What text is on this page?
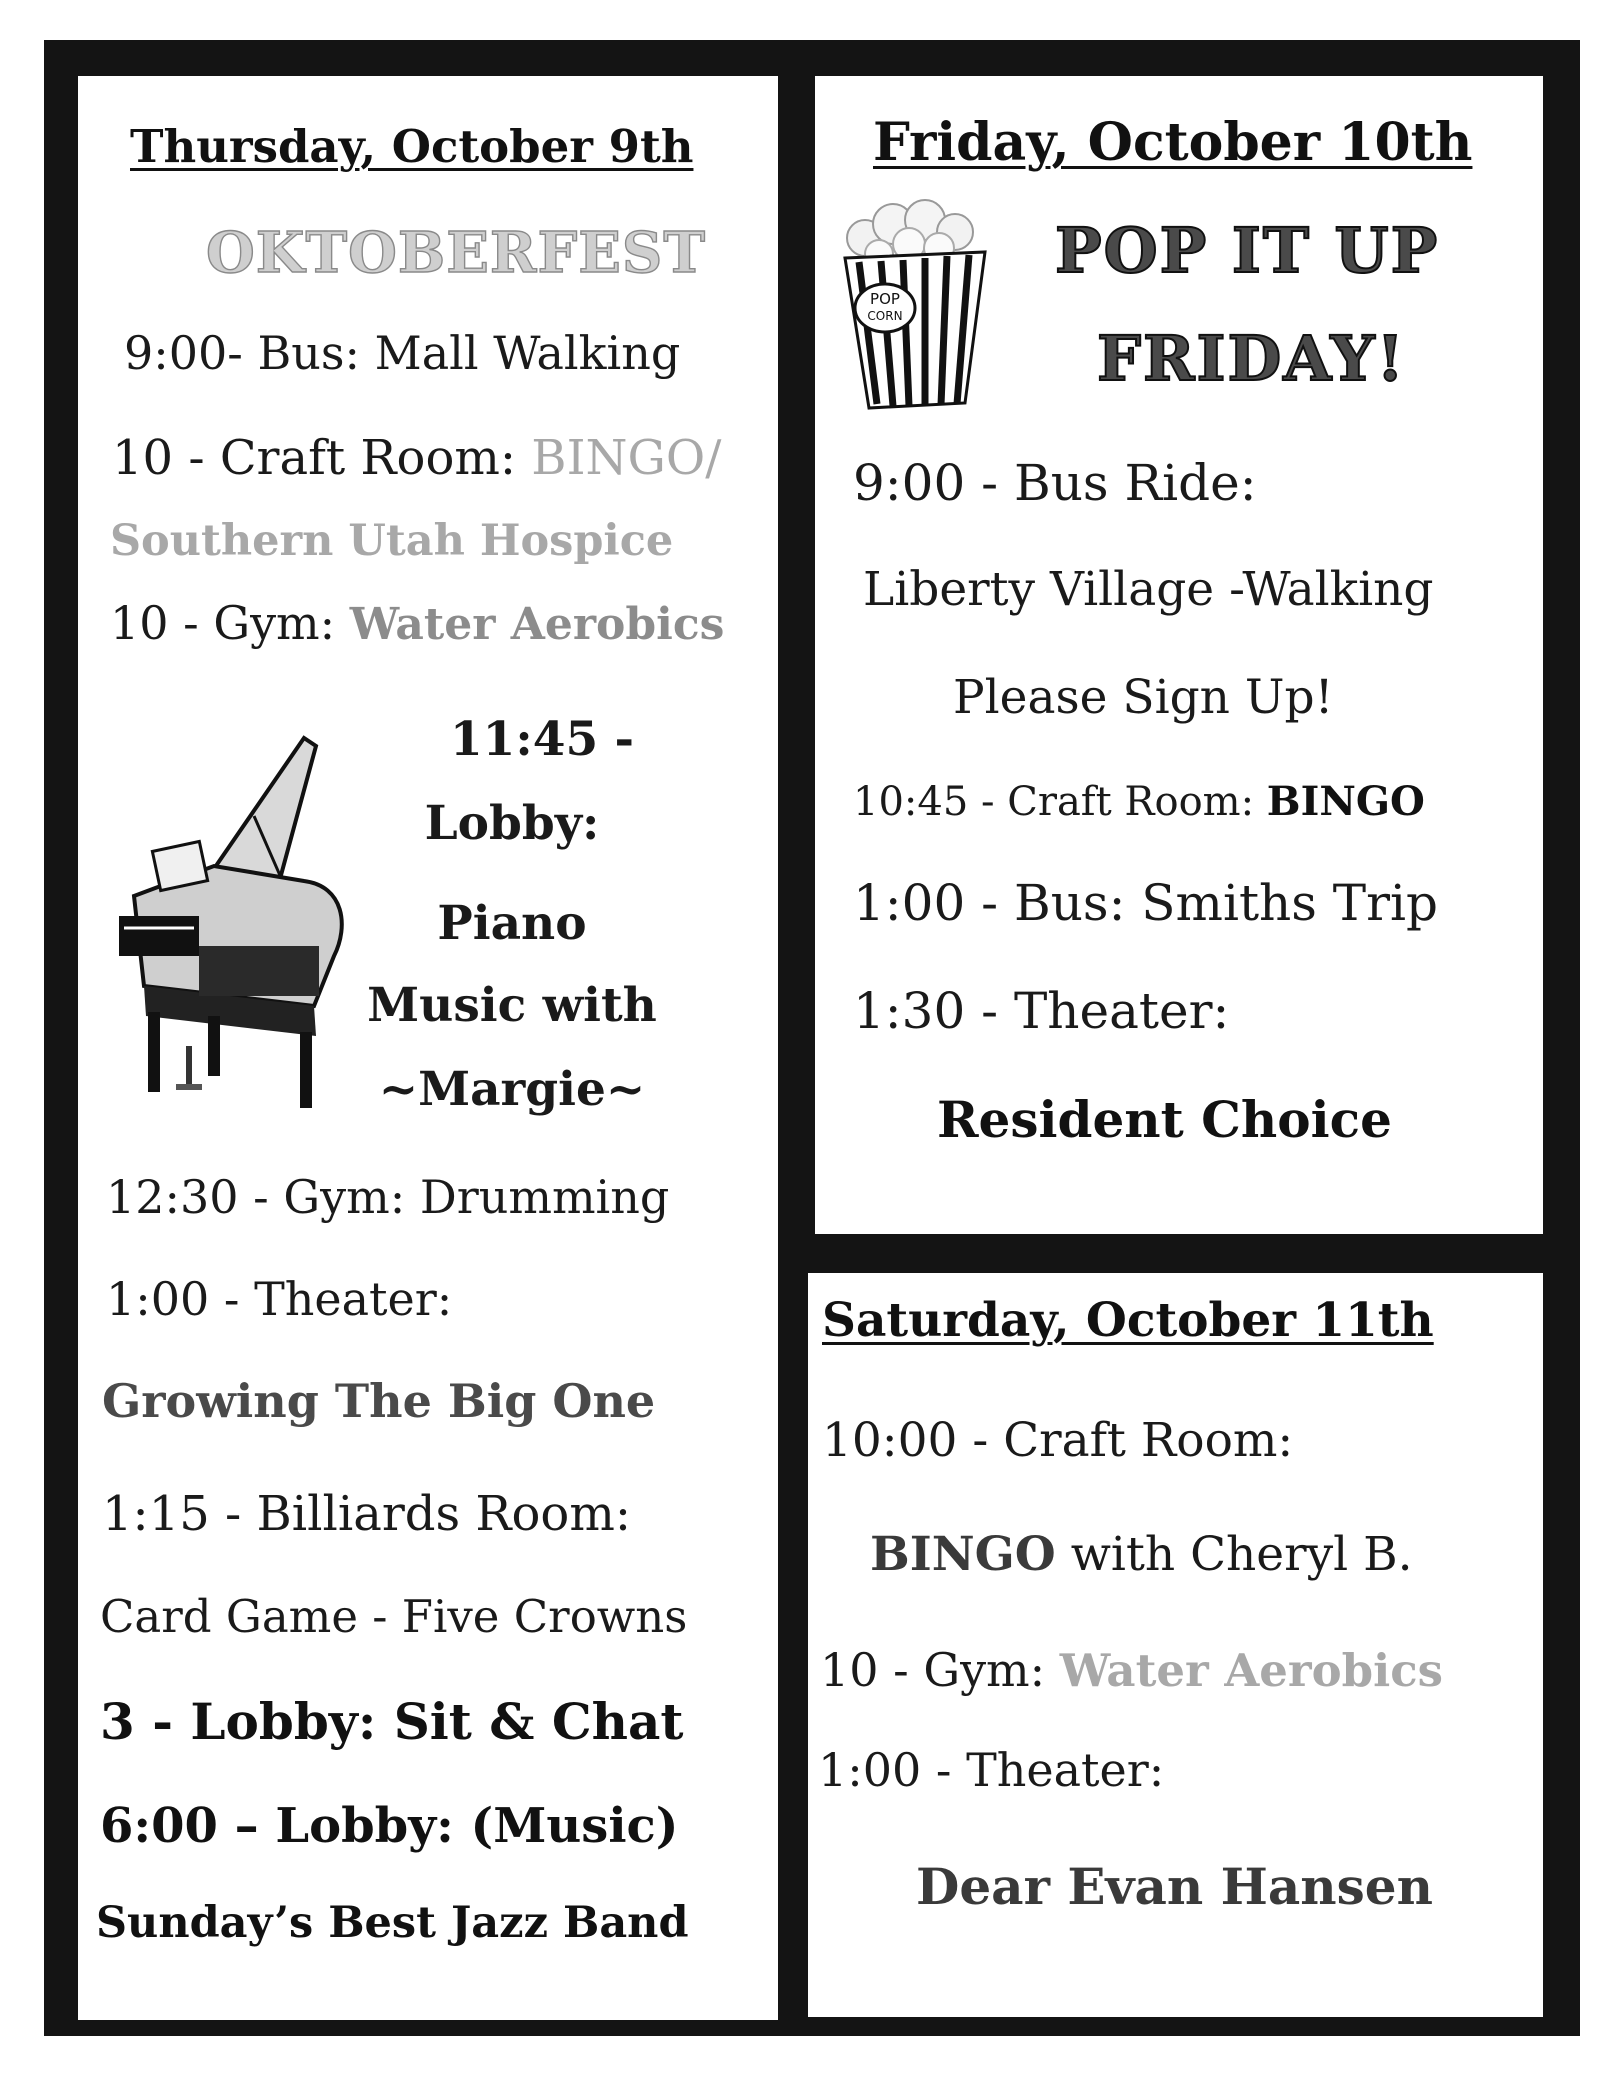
Thursday, October 9th
OKTOBERFEST
9:00- Bus: Mall Walking
10 - Craft Room: BINGO/
Southern Utah Hospice
10 - Gym: Water Aerobics
11:45 -
Lobby:
Piano
Music with
~Margie~
12:30 - Gym: Drumming
1:00 - Theater:
Growing The Big One
1:15 - Billiards Room:
Card Game - Five Crowns
3 - Lobby: Sit & Chat
6:00 – Lobby: (Music)
Sunday’s Best Jazz Band
Friday, October 10th
POP
CORN
POP IT UP
FRIDAY!
9:00 - Bus Ride:
Liberty Village -Walking
Please Sign Up!
10:45 - Craft Room: BINGO
1:00 - Bus: Smiths Trip
1:30 - Theater:
Resident Choice
Saturday, October 11th
10:00 - Craft Room:
BINGO with Cheryl B.
10 - Gym: Water Aerobics
1:00 - Theater:
Dear Evan Hansen
